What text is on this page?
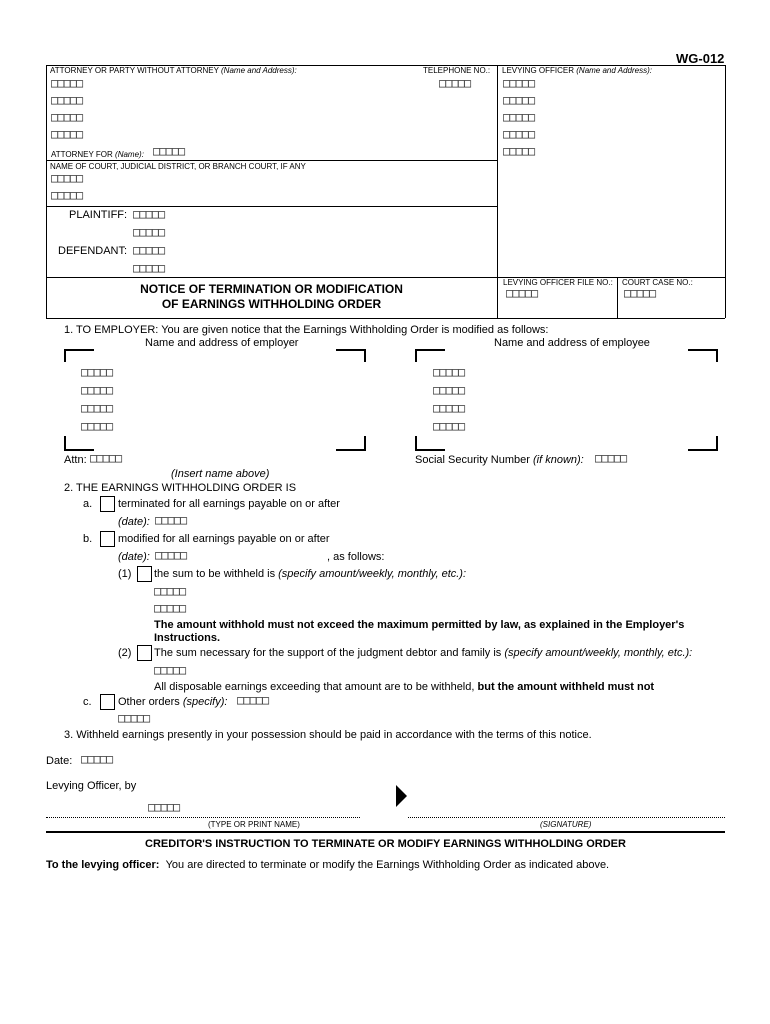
WG-012
ATTORNEY OR PARTY WITHOUT ATTORNEY (Name and Address):	TELEPHONE NO.: LEVYING OFFICER (Name and Address):
□□□□□
□□□□□
□□□□□
□□□□□
□□□□□	□□□□□
□□□□□
□□□□□
□□□□□
□□□□□
ATTORNEY FOR (Name): □□□□□
NAME OF COURT, JUDICIAL DISTRICT, OR BRANCH COURT, IF ANY
□□□□□
□□□□□
PLAINTIFF: □□□□□
□□□□□
DEFENDANT: □□□□□
□□□□□
NOTICE OF TERMINATION OR MODIFICATION
OF EARNINGS WITHHOLDING ORDER
LEVYING OFFICER FILE NO.:
□□□□□
COURT CASE NO.:
□□□□□
1. TO EMPLOYER: You are given notice that the Earnings Withholding Order is modified as follows:
Name and address of employer	Name and address of employee
□□□□□
□□□□□
□□□□□
□□□□□
□□□□□
□□□□□
□□□□□
□□□□□
Attn: □□□□□
(Insert name above)
Social Security Number (if known): □□□□□
2. THE EARNINGS WITHHOLDING ORDER IS
a. terminated for all earnings payable on or after
(date): □□□□□
b. modified for all earnings payable on or after
(date): □□□□□	, as follows:
(1) the sum to be withheld is (specify amount/weekly, monthly, etc.):
□□□□□
□□□□□
The amount withhold must not exceed the maximum permitted by law, as explained in the Employer's
Instructions.
(2) The sum necessary for the support of the judgment debtor and family is (specify amount/weekly, monthly, etc.):
□□□□□
All disposable earnings exceeding that amount are to be withheld, but the amount withheld must not
c. Other orders (specify): □□□□□
□□□□□
3. Withheld earnings presently in your possession should be paid in accordance with the terms of this notice.
Date: □□□□□
Levying Officer, by
□□□□□
(TYPE OR PRINT NAME)	(SIGNATURE)
CREDITOR'S INSTRUCTION TO TERMINATE OR MODIFY EARNINGS WITHHOLDING ORDER
To the levying officer: You are directed to terminate or modify the Earnings Withholding Order as indicated above.
